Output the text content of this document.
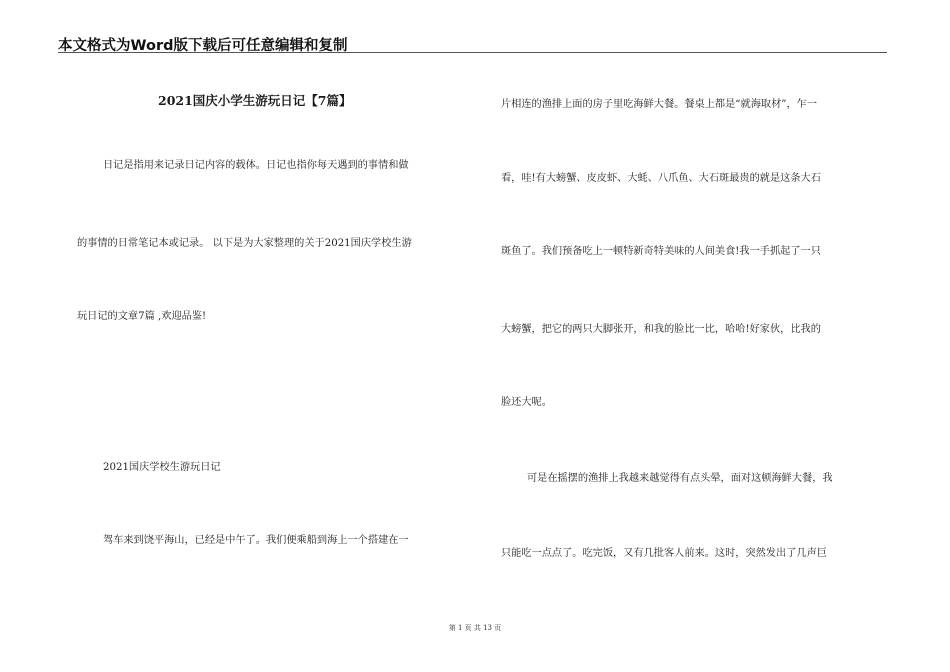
本文格式为Word版下载后可任意编辑和复制
2021国庆小学生游玩日记【7篇】
日记是指用来记录日记内容的载体。日记也指你每天遇到的事情和做
的事情的日常笔记本或记录。 以下是为大家整理的关于2021国庆学校生游
玩日记的文章7篇 ,欢迎品鉴!
2021国庆学校生游玩日记
驾车来到饶平海山，已经是中午了。我们便乘船到海上一个搭建在一
片相连的渔排上面的房子里吃海鲜大餐。餐桌上都是“就海取材”，乍一
看，哇!有大螃蟹、皮皮虾、大蚝、八爪鱼、大石斑最贵的就是这条大石
斑鱼了。我们预备吃上一顿特新奇特美味的人间美食!我一手抓起了一只
大螃蟹，把它的两只大脚张开，和我的脸比一比，哈哈!好家伙，比我的
脸还大呢。
可是在摇摆的渔排上我越来越觉得有点头晕，面对这顿海鲜大餐，我
只能吃一点点了。吃完饭，又有几批客人前来。这时，突然发出了几声巨
第 1 页 共 13 页
